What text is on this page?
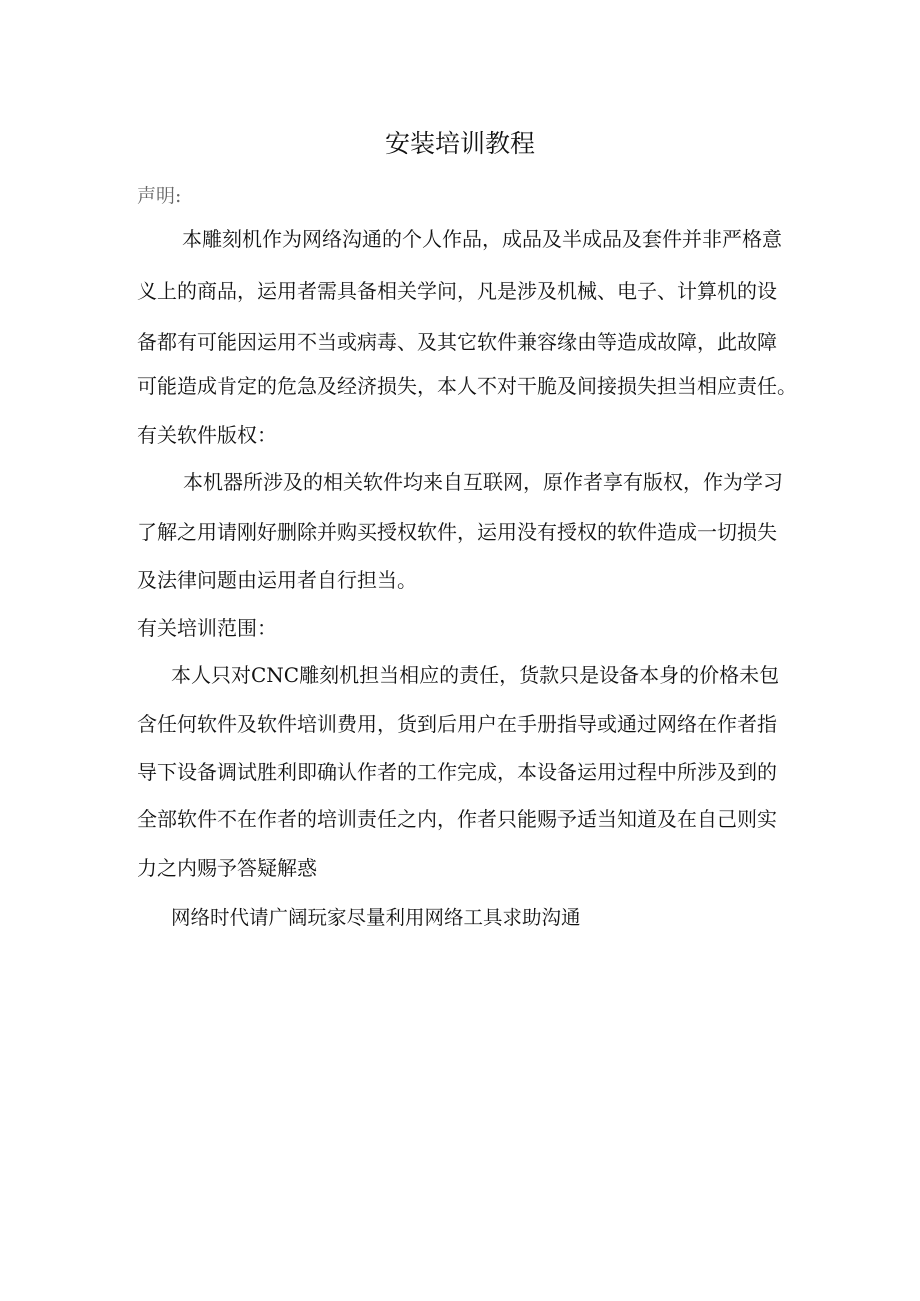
安装培训教程
声明:
本雕刻机作为网络沟通的个人作品，成品及半成品及套件并非严格意
义上的商品，运用者需具备相关学问，凡是涉及机械、电子、计算机的设
备都有可能因运用不当或病毒、及其它软件兼容缘由等造成故障，此故障
可能造成肯定的危急及经济损失，本人不对干脆及间接损失担当相应责任。
有关软件版权：
本机器所涉及的相关软件均来自互联网，原作者享有版权，作为学习
了解之用请刚好删除并购买授权软件，运用没有授权的软件造成一切损失
及法律问题由运用者自行担当。
有关培训范围：
本人只对CNC雕刻机担当相应的责任，货款只是设备本身的价格未包
含任何软件及软件培训费用，货到后用户在手册指导或通过网络在作者指
导下设备调试胜利即确认作者的工作完成，本设备运用过程中所涉及到的
全部软件不在作者的培训责任之内，作者只能赐予适当知道及在自己则实
力之内赐予答疑解惑
网络时代请广阔玩家尽量利用网络工具求助沟通
